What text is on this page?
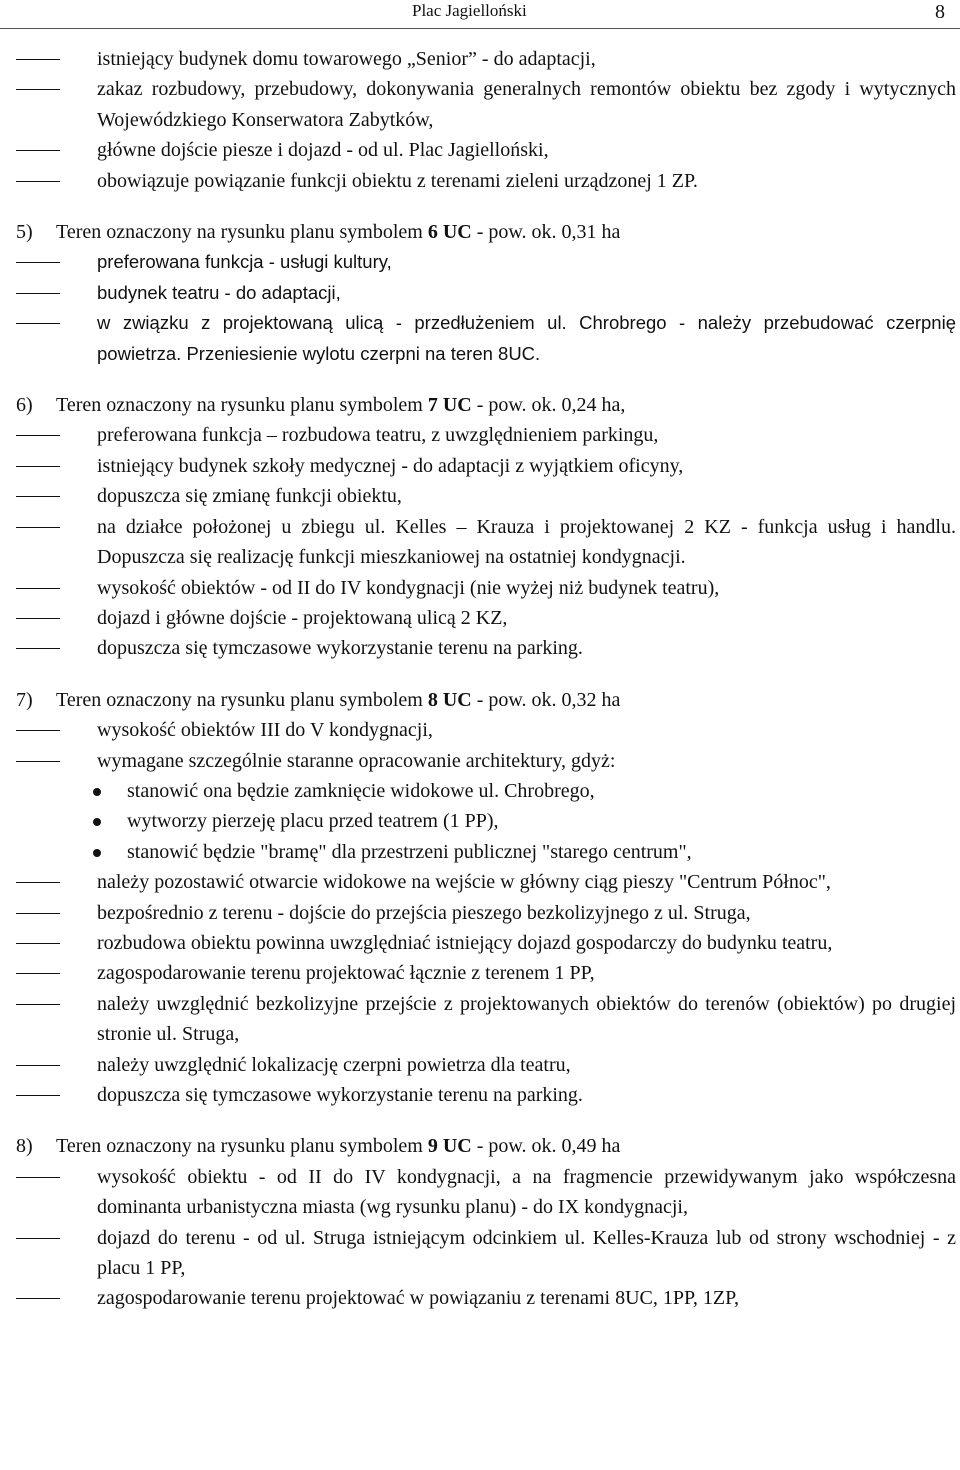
Plac Jagielloński	8
istniejący budynek domu towarowego „Senior” - do adaptacji,
zakaz rozbudowy, przebudowy, dokonywania generalnych remontów obiektu bez zgody i wytycznych Wojewódzkiego Konserwatora Zabytków,
główne dojście piesze i dojazd - od ul. Plac Jagielloński,
obowiązuje powiązanie funkcji obiektu z terenami zieleni urządzonej 1 ZP.
5) Teren oznaczony na rysunku planu symbolem 6 UC - pow. ok. 0,31 ha
preferowana funkcja - usługi kultury,
budynek teatru - do adaptacji,
w związku z projektowaną ulicą - przedłużeniem ul. Chrobrego - należy przebudować czerpnię powietrza. Przeniesienie wylotu czerpni na teren 8UC.
6) Teren oznaczony na rysunku planu symbolem 7 UC - pow. ok. 0,24 ha,
preferowana funkcja – rozbudowa teatru, z uwzględnieniem parkingu,
istniejący budynek szkoły medycznej - do adaptacji z wyjątkiem oficyny,
dopuszcza się zmianę funkcji obiektu,
na działce położonej u zbiegu ul. Kelles – Krauza i projektowanej 2 KZ - funkcja usług i handlu. Dopuszcza się realizację funkcji mieszkaniowej na ostatniej kondygnacji.
wysokość obiektów - od II do IV kondygnacji (nie wyżej niż budynek teatru),
dojazd i główne dojście - projektowaną ulicą 2 KZ,
dopuszcza się tymczasowe wykorzystanie terenu na parking.
7) Teren oznaczony na rysunku planu symbolem 8 UC - pow. ok. 0,32 ha
wysokość obiektów III do V kondygnacji,
wymagane szczególnie staranne opracowanie architektury, gdyż:
stanowić ona będzie zamknięcie widokowe ul. Chrobrego,
wytworzy pierzeję placu przed teatrem (1 PP),
stanowić będzie "bramę" dla przestrzeni publicznej "starego centrum",
należy pozostawić otwarcie widokowe na wejście w główny ciąg pieszy "Centrum Północ",
bezpośrednio z terenu - dojście do przejścia pieszego bezkolizyjnego z ul. Struga,
rozbudowa obiektu powinna uwzględniać istniejący dojazd gospodarczy do budynku teatru,
zagospodarowanie terenu projektować łącznie z terenem 1 PP,
należy uwzględnić bezkolizyjne przejście z projektowanych obiektów do terenów (obiektów) po drugiej stronie ul. Struga,
należy uwzględnić lokalizację czerpni powietrza dla teatru,
dopuszcza się tymczasowe wykorzystanie terenu na parking.
8) Teren oznaczony na rysunku planu symbolem 9 UC - pow. ok. 0,49 ha
wysokość obiektu - od II do IV kondygnacji, a na fragmencie przewidywanym jako współczesna dominanta urbanistyczna miasta (wg rysunku planu) - do IX kondygnacji,
dojazd do terenu - od ul. Struga istniejącym odcinkiem ul. Kelles-Krauza lub od strony wschodniej - z placu 1 PP,
zagospodarowanie terenu projektować w powiązaniu z terenami 8UC, 1PP, 1ZP,
